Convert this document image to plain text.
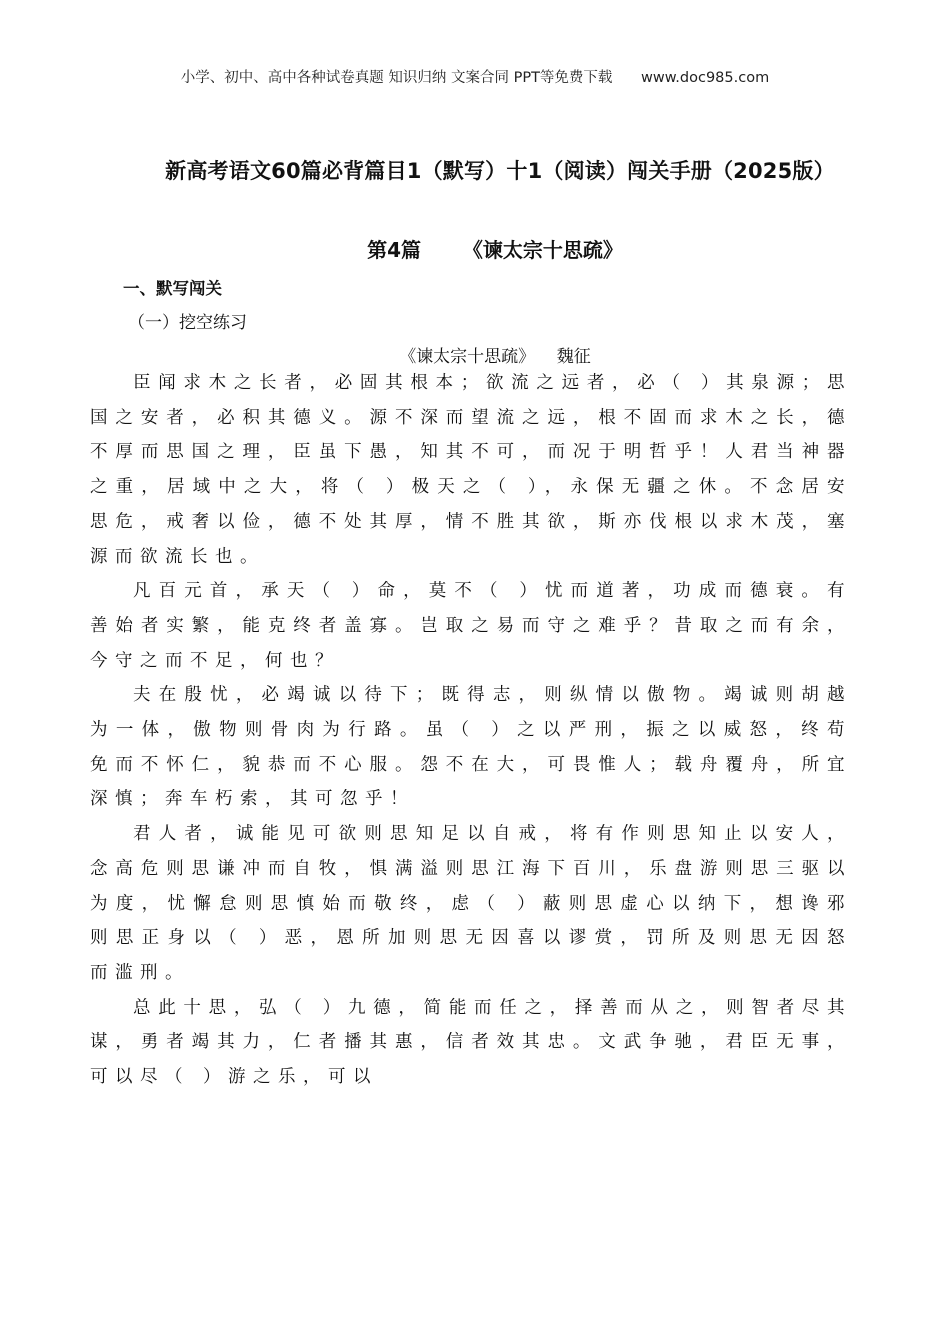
小学、初中、高中各种试卷真题 知识归纳 文案合同 PPT等免费下载 www.doc985.com
新高考语文60篇必背篇目1（默写）十1（阅读）闯关手册（2025版）
第4篇      《谏太宗十思疏》
一、默写闯关
（一）挖空练习
《谏太宗十思疏》    魏征

臣闻求木之长者，必固其根本；欲流之远者，必（ ）其泉源；思国之安者，必积其德义。源不深而望流之远，根不固而求木之长，德不厚而思国之理，臣虽下愚，知其不可，而况于明哲乎！人君当神器之重，居域中之大，将（ ）极天之（ ），永保无疆之休。不念居安思危，戒奢以俭，德不处其厚，情不胜其欲，斯亦伐根以求木茂，塞源而欲流长也。

凡百元首，承天（ ）命，莫不（ ）忧而道著，功成而德衰。有善始者实繁，能克终者盖寡。岂取之易而守之难乎？昔取之而有余，今守之而不足，何也？

夫在殷忧，必竭诚以待下；既得志，则纵情以傲物。竭诚则胡越为一体，傲物则骨肉为行路。虽（ ）之以严刑，振之以威怒，终苟免而不怀仁，貌恭而不心服。怨不在大，可畏惟人；载舟覆舟，所宜深慎；奔车朽索，其可忽乎！

君人者，诚能见可欲则思知足以自戒，将有作则思知止以安人，念高危则思谦冲而自牧，惧满溢则思江海下百川，乐盘游则思三驱以为度，忧懈怠则思慎始而敬终，虑（ ）蔽则思虚心以纳下，想谗邪则思正身以（ ）恶，恩所加则思无因喜以谬赏，罚所及则思无因怒而滥刑。

总此十思，弘（ ）九德，简能而任之，择善而从之，则智者尽其谋，勇者竭其力，仁者播其惠，信者效其忠。文武争驰，君臣无事，可以尽（ ）游之乐，可以
